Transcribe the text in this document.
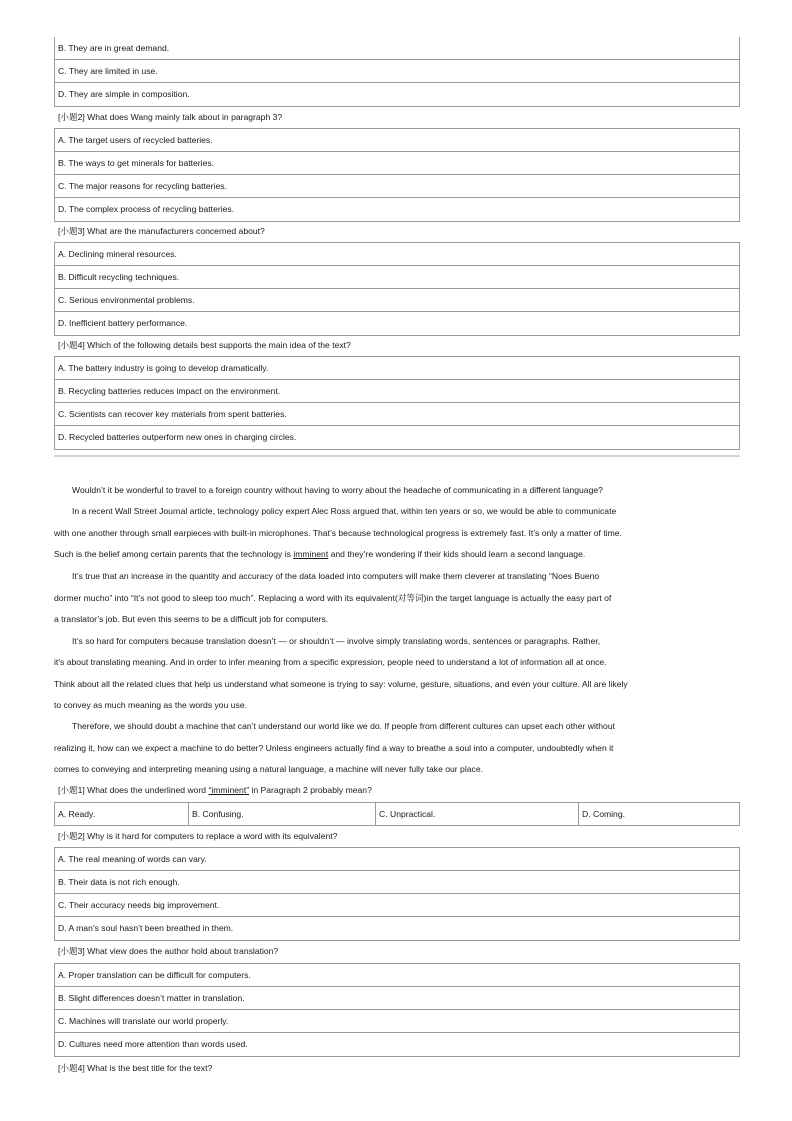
B. They are in great demand.
C. They are limited in use.
D. They are simple in composition.
[小题2] What does Wang mainly talk about in paragraph 3?
A. The target users of recycled batteries.
B. The ways to get minerals for batteries.
C. The major reasons for recycling batteries.
D. The complex process of recycling batteries.
[小题3] What are the manufacturers concerned about?
A. Declining mineral resources.
B. Difficult recycling techniques.
C. Serious environmental problems.
D. Inefficient battery performance.
[小题4] Which of the following details best supports the main idea of the text?
A. The battery industry is going to develop dramatically.
B. Recycling batteries reduces impact on the environment.
C. Scientists can recover key materials from spent batteries.
D. Recycled batteries outperform new ones in charging circles.
Wouldn’t it be wonderful to travel to a foreign country without having to worry about the headache of communicating in a different language?
In a recent Wall Street Journal article, technology policy expert Alec Ross argued that, within ten years or so, we would be able to communicate
with one another through small earpieces with built-in microphones. That’s because technological progress is extremely fast. It’s only a matter of time.
Such is the belief among certain parents that the technology is imminent and they’re wondering if their kids should learn a second language.
It’s true that an increase in the quantity and accuracy of the data loaded into computers will make them cleverer at translating “Noes Bueno
dormer mucho” into “It’s not good to sleep too much”. Replacing a word with its equivalent(对等词)in the target language is actually the easy part of
a translator’s job. But even this seems to be a difficult job for computers.
It’s so hard for computers because translation doesn’t — or shouldn’t — involve simply translating words, sentences or paragraphs. Rather,
it’s about translating meaning. And in order to infer meaning from a specific expression, people need to understand a lot of information all at once.
Think about all the related clues that help us understand what someone is trying to say: volume, gesture, situations, and even your culture. All are likely
to convey as much meaning as the words you use.
Therefore, we should doubt a machine that can’t understand our world like we do. If people from different cultures can upset each other without
realizing it, how can we expect a machine to do better? Unless engineers actually find a way to breathe a soul into a computer, undoubtedly when it
comes to conveying and interpreting meaning using a natural language, a machine will never fully take our place.
[小题1] What does the underlined word “imminent” in Paragraph 2 probably mean?
A. Ready.	B. Confusing.	C. Unpractical.	D. Coming.
[小题2] Why is it hard for computers to replace a word with its equivalent?
A. The real meaning of words can vary.
B. Their data is not rich enough.
C. Their accuracy needs big improvement.
D. A man’s soul hasn’t been breathed in them.
[小题3] What view does the author hold about translation?
A. Proper translation can be difficult for computers.
B. Slight differences doesn’t matter in translation.
C. Machines will translate our world properly.
D. Cultures need more attention than words used.
[小题4] What is the best title for the text?
